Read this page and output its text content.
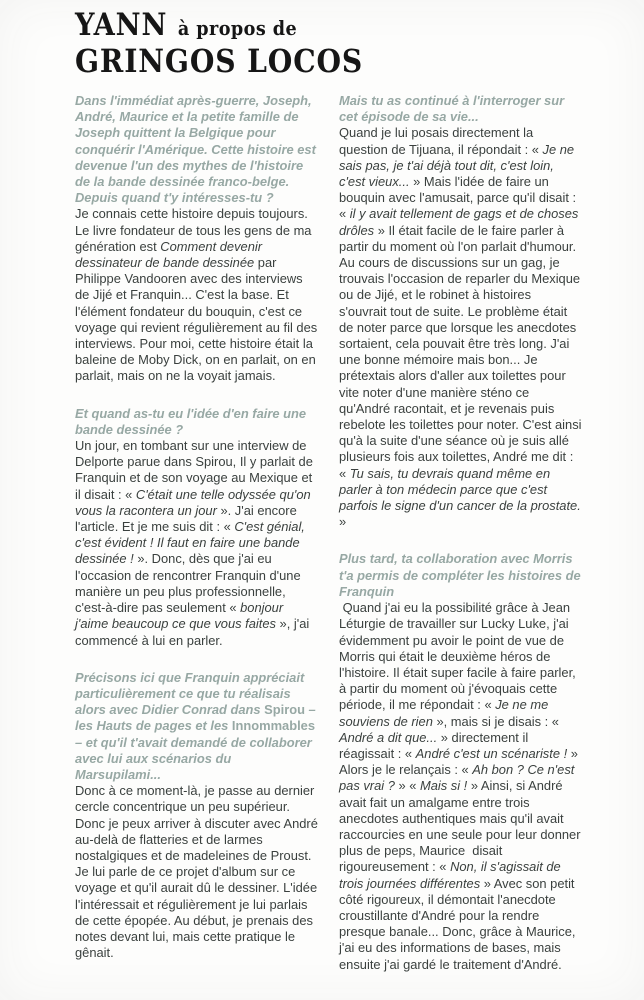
YANN à propos de
GRINGOS LOCOS

Dans l'immédiat après-guerre, Joseph, André, Maurice et la petite famille de Joseph quittent la Belgique pour conquérir l'Amérique. Cette histoire est devenue l'un des mythes de l'histoire de la bande dessinée franco-belge. Depuis quand t'y intéresses-tu ?

Je connais cette histoire depuis toujours. Le livre fondateur de tous les gens de ma génération est Comment devenir dessinateur de bande dessinée par Philippe Vandooren avec des interviews de Jijé et Franquin... C'est la base. Et l'élément fondateur du bouquin, c'est ce voyage qui revient régulièrement au fil des interviews. Pour moi, cette histoire était la baleine de Moby Dick, on en parlait, on en parlait, mais on ne la voyait jamais.

Et quand as-tu eu l'idée d'en faire une bande dessinée ?

Un jour, en tombant sur une interview de Delporte parue dans Spirou, Il y parlait de Franquin et de son voyage au Mexique et il disait : « C'était une telle odyssée qu'on vous la racontera un jour ». J'ai encore l'article. Et je me suis dit : « C'est génial, c'est évident ! Il faut en faire une bande dessinée ! ». Donc, dès que j'ai eu l'occasion de rencontrer Franquin d'une manière un peu plus professionnelle, c'est-à-dire pas seulement « bonjour j'aime beaucoup ce que vous faites », j'ai commencé à lui en parler.

Précisons ici que Franquin appréciait particulièrement ce que tu réalisais alors avec Didier Conrad dans Spirou – les Hauts de pages et les Innommables – et qu'il t'avait demandé de collaborer avec lui aux scénarios du Marsupilami...

Donc à ce moment-là, je passe au dernier cercle concentrique un peu supérieur. Donc je peux arriver à discuter avec André au-delà de flatteries et de larmes nostalgiques et de madeleines de Proust. Je lui parle de ce projet d'album sur ce voyage et qu'il aurait dû le dessiner. L'idée l'intéressait et régulièrement je lui parlais de cette épopée. Au début, je prenais des notes devant lui, mais cette pratique le gênait.

Mais tu as continué à l'interroger sur cet épisode de sa vie...

Quand je lui posais directement la question de Tijuana, il répondait : « Je ne sais pas, je t'ai déjà tout dit, c'est loin, c'est vieux... » Mais l'idée de faire un bouquin avec l'amusait, parce qu'il disait : « il y avait tellement de gags et de choses drôles » Il était facile de le faire parler à partir du moment où l'on parlait d'humour. Au cours de discussions sur un gag, je trouvais l'occasion de reparler du Mexique ou de Jijé, et le robinet à histoires s'ouvrait tout de suite. Le problème était de noter parce que lorsque les anecdotes sortaient, cela pouvait être très long. J'ai une bonne mémoire mais bon... Je prétextais alors d'aller aux toilettes pour vite noter d'une manière sténo ce qu'André racontait, et je revenais puis rebelote les toilettes pour noter. C'est ainsi qu'à la suite d'une séance où je suis allé plusieurs fois aux toilettes, André me dit : « Tu sais, tu devrais quand même en parler à ton médecin parce que c'est parfois le signe d'un cancer de la prostate. »

Plus tard, ta collaboration avec Morris t'a permis de compléter les histoires de Franquin

Quand j'ai eu la possibilité grâce à Jean Léturgie de travailler sur Lucky Luke, j'ai évidemment pu avoir le point de vue de Morris qui était le deuxième héros de l'histoire. Il était super facile à faire parler, à partir du moment où j'évoquais cette période, il me répondait : « Je ne me souviens de rien », mais si je disais : « André a dit que... » directement il réagissait : « André c'est un scénariste ! » Alors je le relançais : « Ah bon ? Ce n'est pas vrai ? » « Mais si ! » Ainsi, si André avait fait un amalgame entre trois anecdotes authentiques mais qu'il avait raccourcies en une seule pour leur donner plus de peps, Maurice  disait rigoureusement : « Non, il s'agissait de trois journées différentes » Avec son petit côté rigoureux, il démontait l'anecdote croustillante d'André pour la rendre presque banale... Donc, grâce à Maurice, j'ai eu des informations de bases, mais ensuite j'ai gardé le traitement d'André.
